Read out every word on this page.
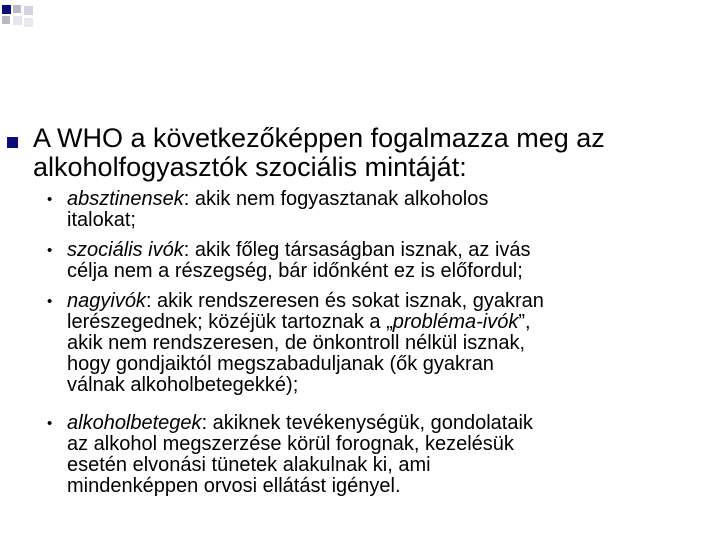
A WHO a következőképpen fogalmazza meg az
alkoholfogyasztók szociális mintáját:
• absztinensek: akik nem fogyasztanak alkoholos
italokat;
• szociális ivók: akik főleg társaságban isznak, az ivás
célja nem a részegség, bár időnként ez is előfordul;
• nagyivók: akik rendszeresen és sokat isznak, gyakran
lerészegednek; közéjük tartoznak a „probléma-ivók”,
akik nem rendszeresen, de önkontroll nélkül isznak,
hogy gondjaiktól megszabaduljanak (ők gyakran
válnak alkoholbetegekké);
• alkoholbetegek: akiknek tevékenységük, gondolataik
az alkohol megszerzése körül forognak, kezelésük
esetén elvonási tünetek alakulnak ki, ami
mindenképpen orvosi ellátást igényel.
